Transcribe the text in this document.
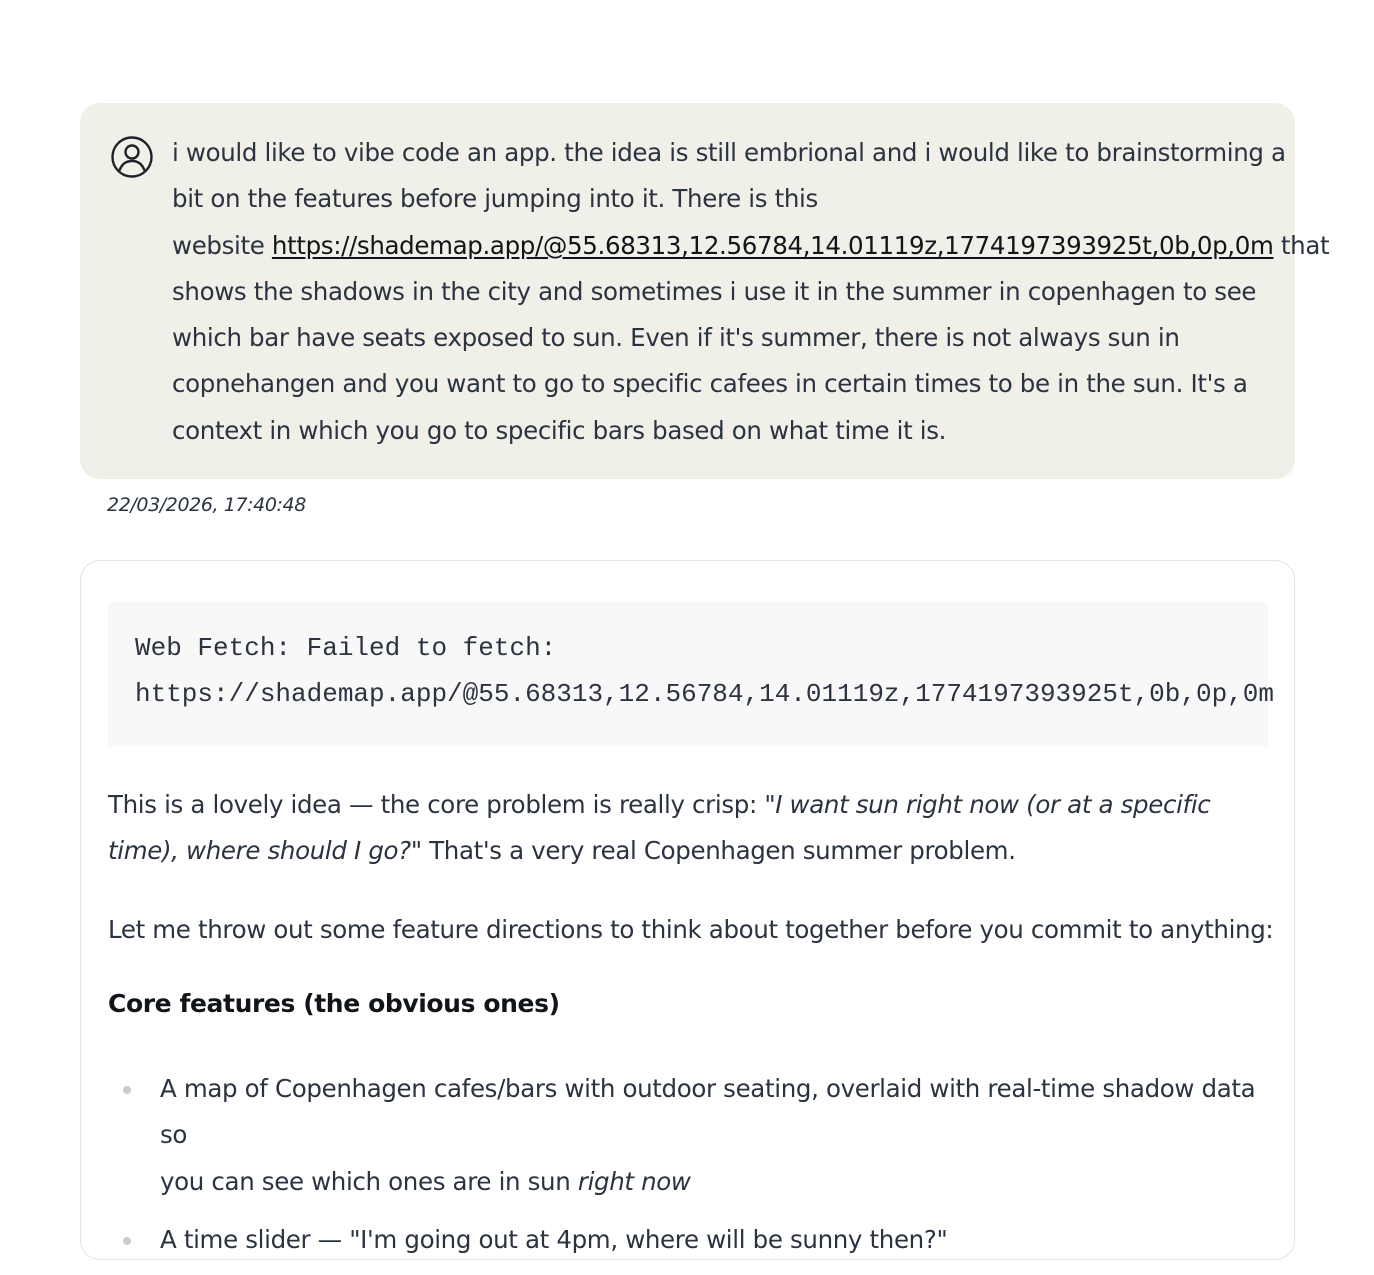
i would like to vibe code an app. the idea is still embrional and i would like to brainstorming a
bit on the features before jumping into it. There is this
website https://shademap.app/@55.68313,12.56784,14.01119z,1774197393925t,0b,0p,0m that
shows the shadows in the city and sometimes i use it in the summer in copenhagen to see
which bar have seats exposed to sun. Even if it's summer, there is not always sun in
copnehangen and you want to go to specific cafees in certain times to be in the sun. It's a
context in which you go to specific bars based on what time it is.
22/03/2026, 17:40:48
Web Fetch: Failed to fetch:
https://shademap.app/@55.68313,12.56784,14.01119z,1774197393925t,0b,0p,0m
This is a lovely idea — the core problem is really crisp: "I want sun right now (or at a specific
time), where should I go?" That's a very real Copenhagen summer problem.
Let me throw out some feature directions to think about together before you commit to anything:
Core features (the obvious ones)
A map of Copenhagen cafes/bars with outdoor seating, overlaid with real-time shadow data so
you can see which ones are in sun right now
A time slider — "I'm going out at 4pm, where will be sunny then?"
